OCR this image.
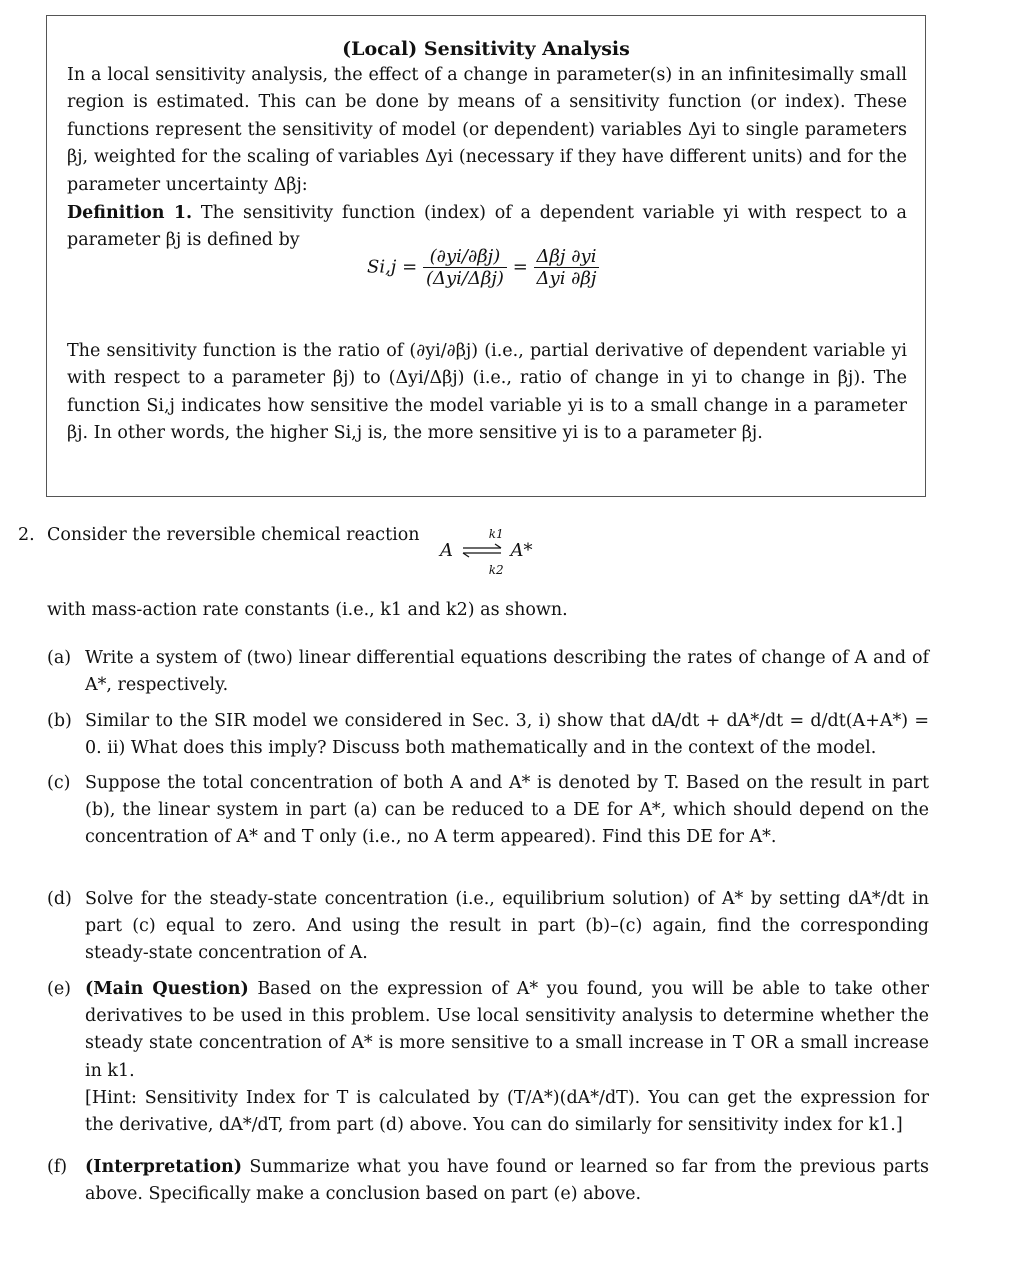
(Local) Sensitivity Analysis
In a local sensitivity analysis, the effect of a change in parameter(s) in an infinitesimally small region is estimated. This can be done by means of a sensitivity function (or index). These functions represent the sensitivity of model (or dependent) variables Δyi to single parameters βj, weighted for the scaling of variables Δyi (necessary if they have different units) and for the parameter uncertainty Δβj:
Definition 1. The sensitivity function (index) of a dependent variable yi with respect to a parameter βj is defined by
$Si,j = \frac{(\partial yi/\partial\beta j)}{\text{(Δyi/Δβj)}} = \frac{\text{Δβj ∂yi}}{\text{Δyi ∂βj}}$
The sensitivity function is the ratio of (∂yi/∂βj) (i.e., partial derivative of dependent variable yi with respect to a parameter βj) to (Δyi/Δβj) (i.e., ratio of change in yi to change in βj). The function Si,j indicates how sensitive the model variable yi is to a small change in a parameter βj. In other words, the higher Si,j is, the more sensitive yi is to a parameter βj.
2. Consider the reversible chemical reaction
A
k1
k2
A*
with mass-action rate constants (i.e., k1 and k2) as shown.
(a) Write a system of (two) linear differential equations describing the rates of change of A and of A*, respectively.
(b) Similar to the SIR model we considered in Sec. 3, i) show that dA/dt + dA*/dt = d/dt(A+A*) = 0. ii) What does this imply? Discuss both mathematically and in the context of the model.
(c) Suppose the total concentration of both A and A* is denoted by T. Based on the result in part (b), the linear system in part (a) can be reduced to a DE for A*, which should depend on the concentration of A* and T only (i.e., no A term appeared). Find this DE for A*.
(d) Solve for the steady-state concentration (i.e., equilibrium solution) of A* by setting dA*/dt in part (c) equal to zero. And using the result in part (b)–(c) again, find the corresponding steady-state concentration of A.
(e) (Main Question) Based on the expression of A* you found, you will be able to take other derivatives to be used in this problem. Use local sensitivity analysis to determine whether the steady state concentration of A* is more sensitive to a small increase in T OR a small increase in k1.
[Hint: Sensitivity Index for T is calculated by (T/A*)(dA*/dT). You can get the expression for the derivative, dA*/dT, from part (d) above. You can do similarly for sensitivity index for k1.]
(f) (Interpretation) Summarize what you have found or learned so far from the previous parts above. Specifically make a conclusion based on part (e) above.
